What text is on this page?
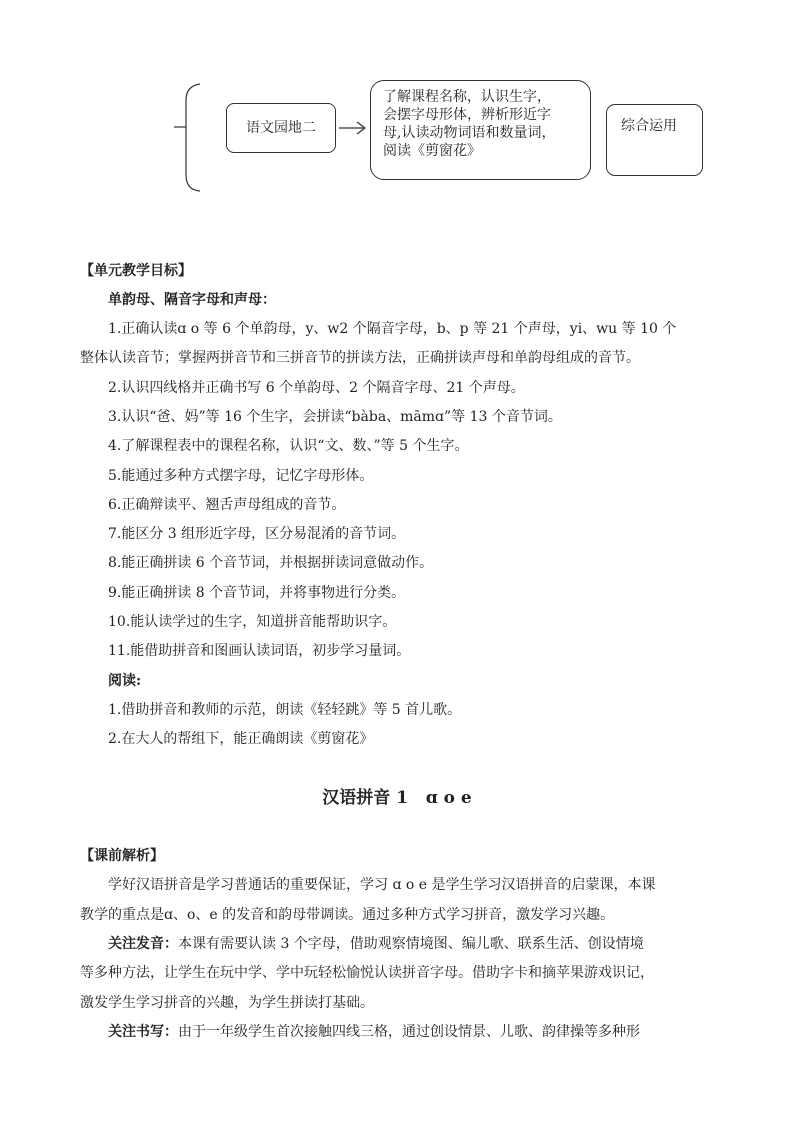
语文园地二
了解课程名称，认识生字，
会摆字母形体，辨析形近字
母,认读动物词语和数量词，
阅读《剪窗花》
综合运用
【单元教学目标】
单韵母、隔音字母和声母：
1.正确认读ɑ o 等 6 个单韵母，y、w2 个隔音字母，b、p 等 21 个声母，yi、wu 等 10 个
整体认读音节；掌握两拼音节和三拼音节的拼读方法，正确拼读声母和单韵母组成的音节。
2.认识四线格并正确书写 6 个单韵母、2 个隔音字母、21 个声母。
3.认识“爸、妈”等 16 个生字，会拼读“bàba、māmɑ”等 13 个音节词。
4.了解课程表中的课程名称，认识“文、数、”等 5 个生字。
5.能通过多种方式摆字母，记忆字母形体。
6.正确辩读平、翘舌声母组成的音节。
7.能区分 3 组形近字母，区分易混淆的音节词。
8.能正确拼读 6 个音节词，并根据拼读词意做动作。
9.能正确拼读 8 个音节词，并将事物进行分类。
10.能认读学过的生字，知道拼音能帮助识字。
11.能借助拼音和图画认读词语，初步学习量词。
阅读:
1.借助拼音和教师的示范，朗读《轻轻跳》等 5 首儿歌。
2.在大人的帮组下，能正确朗读《剪窗花》
汉语拼音 1   ɑ o e
【课前解析】
学好汉语拼音是学习普通话的重要保证，学习 ɑ o e 是学生学习汉语拼音的启蒙课，本课
教学的重点是ɑ、o、e 的发音和韵母带调读。通过多种方式学习拼音，激发学习兴趣。
关注发音：本课有需要认读 3 个字母，借助观察情境图、编儿歌、联系生活、创设情境
等多种方法，让学生在玩中学、学中玩轻松愉悦认读拼音字母。借助字卡和摘苹果游戏识记，
激发学生学习拼音的兴趣，为学生拼读打基础。
关注书写：由于一年级学生首次接触四线三格，通过创设情景、儿歌、韵律操等多种形
